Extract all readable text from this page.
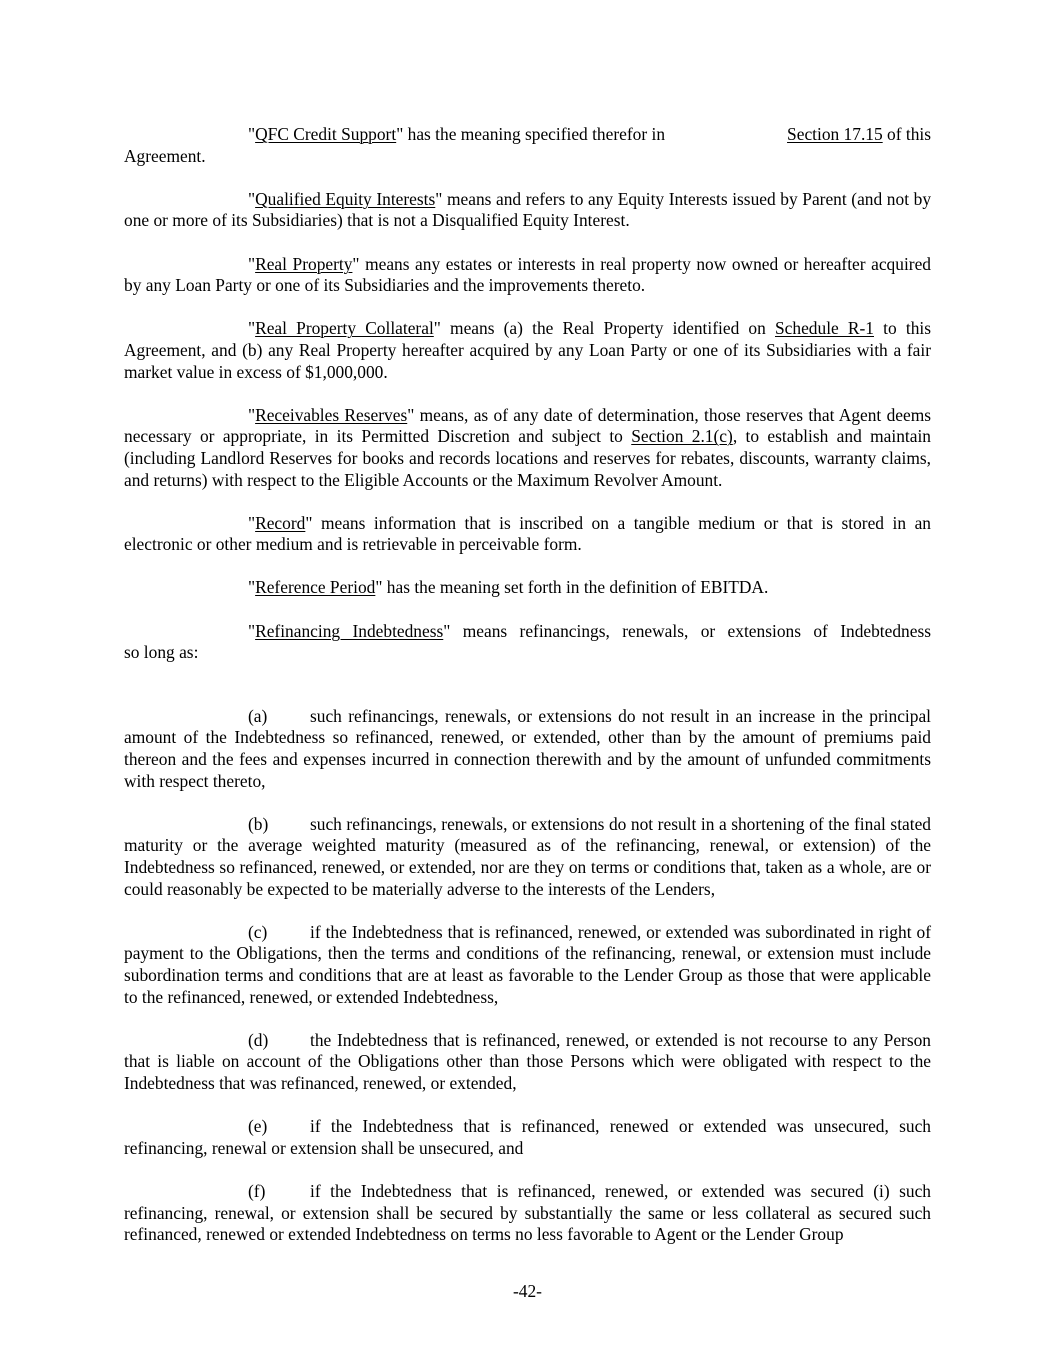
"QFC Credit Support" has the meaning specified therefor in	Section 17.15 of this
Agreement.

"Qualified Equity Interests" means and refers to any Equity Interests issued by Parent (and not by one or more of its Subsidiaries) that is not a Disqualified Equity Interest.

"Real Property" means any estates or interests in real property now owned or hereafter acquired by any Loan Party or one of its Subsidiaries and the improvements thereto.

"Real Property Collateral" means (a) the Real Property identified on Schedule R-1 to this Agreement, and (b) any Real Property hereafter acquired by any Loan Party or one of its Subsidiaries with a fair market value in excess of $1,000,000.

"Receivables Reserves" means, as of any date of determination, those reserves that Agent deems necessary or appropriate, in its Permitted Discretion and subject to Section 2.1(c), to establish and maintain (including Landlord Reserves for books and records locations and reserves for rebates, discounts, warranty claims, and returns) with respect to the Eligible Accounts or the Maximum Revolver Amount.

"Record" means information that is inscribed on a tangible medium or that is stored in an electronic or other medium and is retrievable in perceivable form.

"Reference Period" has the meaning set forth in the definition of EBITDA.

"Refinancing Indebtedness" means refinancings, renewals, or extensions of Indebtedness
so long as:

(a) such refinancings, renewals, or extensions do not result in an increase in the principal amount of the Indebtedness so refinanced, renewed, or extended, other than by the amount of premiums paid thereon and the fees and expenses incurred in connection therewith and by the amount of unfunded commitments with respect thereto,

(b) such refinancings, renewals, or extensions do not result in a shortening of the final stated maturity or the average weighted maturity (measured as of the refinancing, renewal, or extension) of the Indebtedness so refinanced, renewed, or extended, nor are they on terms or conditions that, taken as a whole, are or could reasonably be expected to be materially adverse to the interests of the Lenders,

(c) if the Indebtedness that is refinanced, renewed, or extended was subordinated in right of payment to the Obligations, then the terms and conditions of the refinancing, renewal, or extension must include subordination terms and conditions that are at least as favorable to the Lender Group as those that were applicable to the refinanced, renewed, or extended Indebtedness,

(d) the Indebtedness that is refinanced, renewed, or extended is not recourse to any Person that is liable on account of the Obligations other than those Persons which were obligated with respect to the Indebtedness that was refinanced, renewed, or extended,

(e) if the Indebtedness that is refinanced, renewed or extended was unsecured, such refinancing, renewal or extension shall be unsecured, and

(f)	if the Indebtedness that is refinanced, renewed, or extended was secured (i) such refinancing, renewal, or extension shall be secured by substantially the same or less collateral as secured such refinanced, renewed or extended Indebtedness on terms no less favorable to Agent or the Lender Group

-42-
